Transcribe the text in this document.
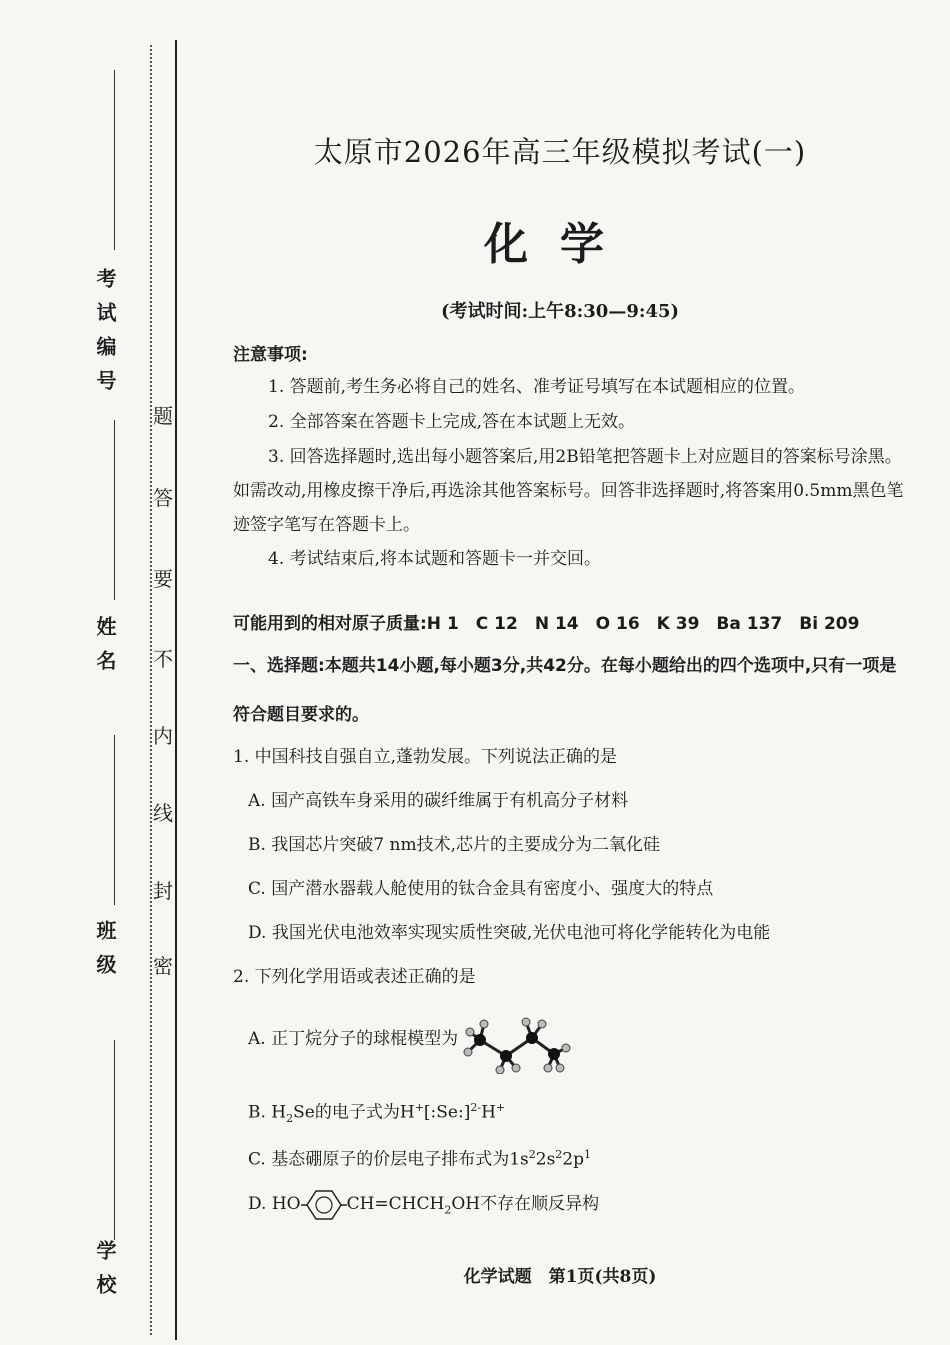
考试编号
姓名
班级
学校
题
答
要
不
内
线
封
密
太原市2026年高三年级模拟考试(一)
化学
(考试时间:上午8:30—9:45)
注意事项:
1. 答题前,考生务必将自己的姓名、准考证号填写在本试题相应的位置。
2. 全部答案在答题卡上完成,答在本试题上无效。
3. 回答选择题时,选出每小题答案后,用2B铅笔把答题卡上对应题目的答案标号涂黑。
如需改动,用橡皮擦干净后,再选涂其他答案标号。回答非选择题时,将答案用0.5mm黑色笔
迹签字笔写在答题卡上。
4. 考试结束后,将本试题和答题卡一并交回。
可能用到的相对原子质量:H 1　C 12　N 14　O 16　K 39　Ba 137　Bi 209
一、选择题:本题共14小题,每小题3分,共42分。在每小题给出的四个选项中,只有一项是
符合题目要求的。
1. 中国科技自强自立,蓬勃发展。下列说法正确的是
A. 国产高铁车身采用的碳纤维属于有机高分子材料
B. 我国芯片突破7 nm技术,芯片的主要成分为二氧化硅
C. 国产潜水器载人舱使用的钛合金具有密度小、强度大的特点
D. 我国光伏电池效率实现实质性突破,光伏电池可将化学能转化为电能
2. 下列化学用语或表述正确的是
A. 正丁烷分子的球棍模型为
B. $H_2Se$的电子式为H+[:Se:]$^{2-}$H+
C. 基态硼原子的价层电子排布式为$1s^22s^22p^1$
D. HO	$CH=CHCH_2OH$不存在顺反异构
化学试题　第1页(共8页)
